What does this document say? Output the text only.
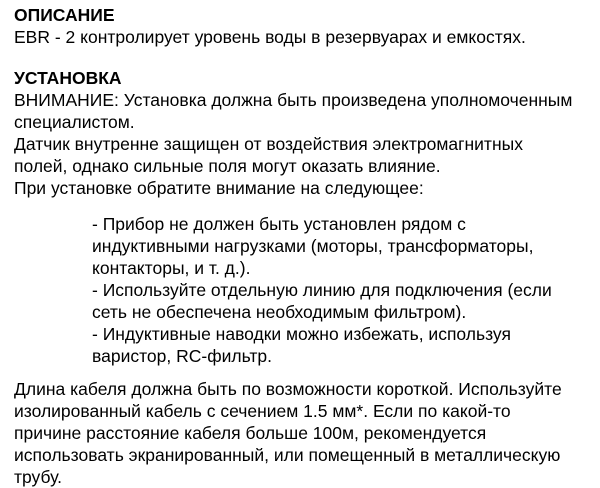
ОПИСАНИЕ

EBR - 2 контролирует уровень воды в резервуарах и емкостях.

УСТАНОВКА

ВНИМАНИЕ: Установка должна быть произведена уполномоченным

специалистом.

Датчик внутренне защищен от воздействия электромагнитных

полей, однако сильные поля могут оказать влияние.

При установке обратите внимание на следующее:

- Прибор не должен быть установлен рядом с

индуктивными нагрузками (моторы, трансформаторы,

контакторы, и т. д.).

- Используйте отдельную линию для подключения (если

сеть не обеспечена необходимым фильтром).

- Индуктивные наводки можно избежать, используя

варистор, RC-фильтр.

Длина кабеля должна быть по возможности короткой. Используйте

изолированный кабель с сечением 1.5 мм*. Если по какой-то

причине расстояние кабеля больше 100м, рекомендуется

использовать экранированный, или помещенный в металлическую

трубу.
